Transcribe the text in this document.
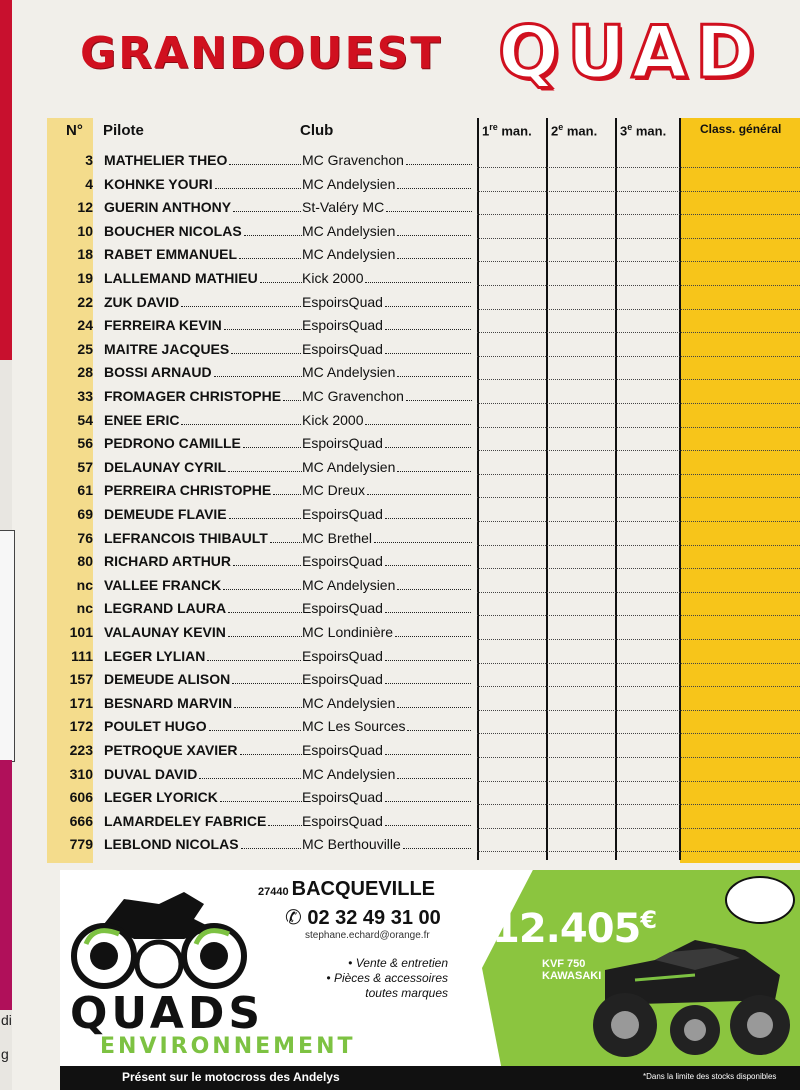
di
g
GRANDOUEST QUAD
N° Pilote	Club	1re man. 2e man. 3e man.	Class. général
3 MATHELIER THEO	MC Gravenchon
4 KOHNKE YOURI	MC Andelysien
12 GUERIN ANTHONY	St-Valéry MC
10 BOUCHER NICOLAS	MC Andelysien
18 RABET EMMANUEL	MC Andelysien
19 LALLEMAND MATHIEU	Kick 2000
22 ZUK DAVID	EspoirsQuad
24 FERREIRA KEVIN	EspoirsQuad
25 MAITRE JACQUES	EspoirsQuad
28 BOSSI ARNAUD	MC Andelysien
33 FROMAGER CHRISTOPHE	MC Gravenchon
54 ENEE ERIC	Kick 2000
56 PEDRONO CAMILLE	EspoirsQuad
57 DELAUNAY CYRIL	MC Andelysien
61 PERREIRA CHRISTOPHE	MC Dreux
69 DEMEUDE FLAVIE	EspoirsQuad
76 LEFRANCOIS THIBAULT	MC Brethel
80 RICHARD ARTHUR	EspoirsQuad
nc VALLEE FRANCK	MC Andelysien
nc LEGRAND LAURA	EspoirsQuad
101 VALAUNAY KEVIN	MC Londinière
111 LEGER LYLIAN	EspoirsQuad
157 DEMEUDE ALISON	EspoirsQuad
171 BESNARD MARVIN	MC Andelysien
172 POULET HUGO	MC Les Sources
223 PETROQUE XAVIER	EspoirsQuad
310 DUVAL DAVID	MC Andelysien
606 LEGER LYORICK	EspoirsQuad
666 LAMARDELEY FABRICE	EspoirsQuad
779 LEBLOND NICOLAS	MC Berthouville
27440 BACQUEVILLE
✆ 02 32 49 31 00
stephane.echard@orange.fr
• Vente & entretien
• Pièces & accessoires
toutes marques
QUADS
ENVIRONNEMENT
12.405€
KVF 750
KAWASAKI
Présent sur le motocross des Andelys	*Dans la limite des stocks disponibles
